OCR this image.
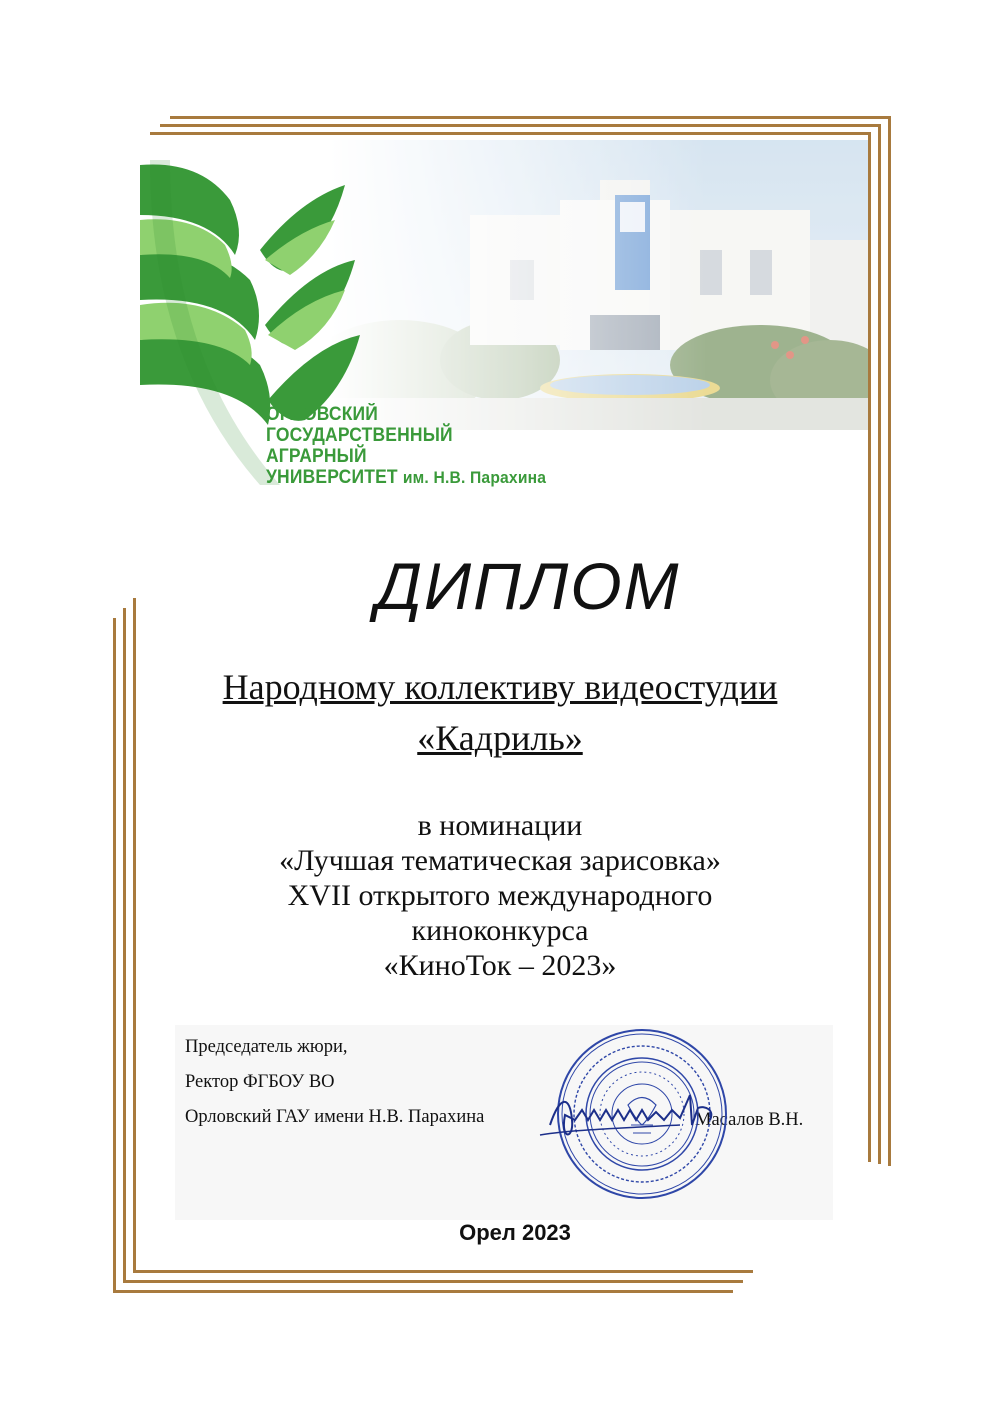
ОРЛОВСКИЙ
ГОСУДАРСТВЕННЫЙ
АГРАРНЫЙ
УНИВЕРСИТЕТ им. Н.В. Парахина
ДИПЛОМ
Народному коллективу видеостудии
«Кадриль»
в номинации
«Лучшая тематическая зарисовка»
XVII открытого международного
киноконкурса
«КиноТок – 2023»
Председатель жюри,
Ректор ФГБОУ ВО
Орловский ГАУ имени Н.В. Парахина	Масалов В.Н.
Орел 2023
